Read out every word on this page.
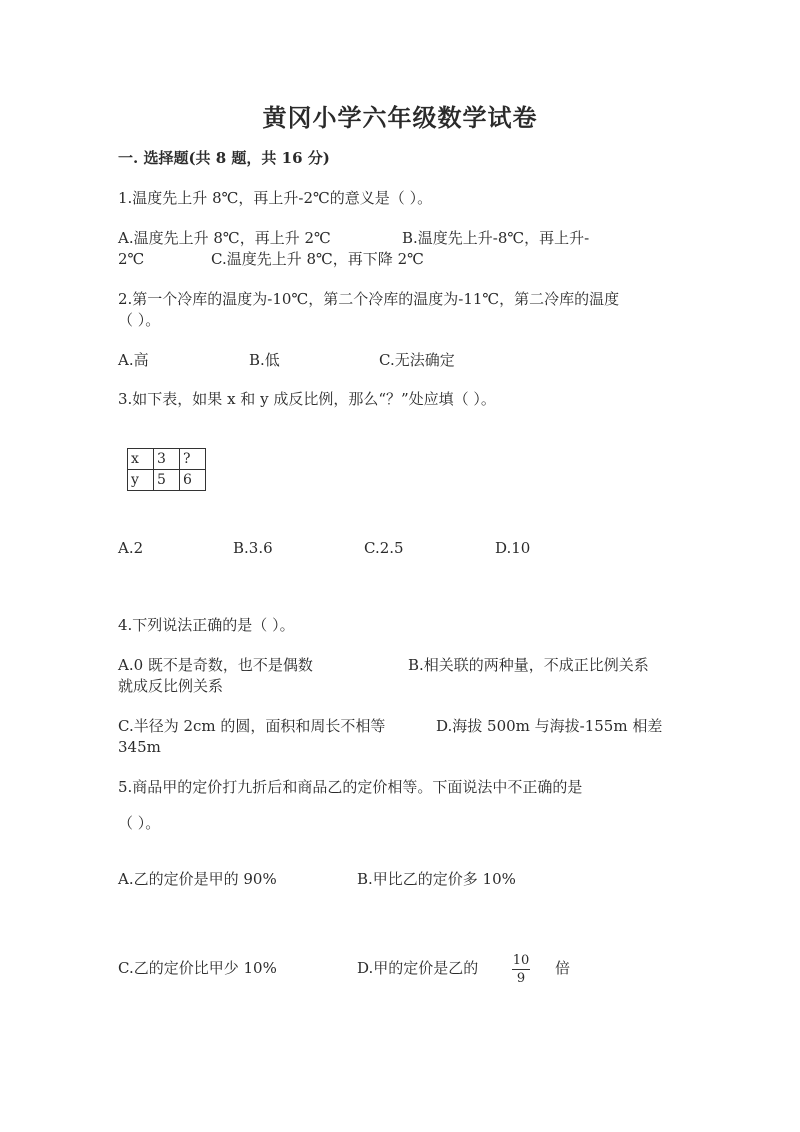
黄冈小学六年级数学试卷
一. 选择题(共 8 题，共 16 分)
1.温度先上升 8℃，再上升-2℃的意义是（ ）。
A.温度先上升 8℃，再上升 2℃	B.温度先上升-8℃，再上升-
2℃	C.温度先上升 8℃，再下降 2℃
2.第一个冷库的温度为-10℃，第二个冷库的温度为-11℃，第二冷库的温度
（ ）。
A.高	B.低	C.无法确定
3.如下表，如果 x 和 y 成反比例，那么“？”处应填（ ）。
x	3	?
y	5	6
A.2	B.3.6	C.2.5	D.10
4.下列说法正确的是（ ）。
A.0 既不是奇数，也不是偶数	B.相关联的两种量，不成正比例关系
就成反比例关系
C.半径为 2cm 的圆，面积和周长不相等	D.海拔 500m 与海拔-155m 相差
345m
5.商品甲的定价打九折后和商品乙的定价相等。下面说法中不正确的是
（ ）。
A.乙的定价是甲的 90%	B.甲比乙的定价多 10%
C.乙的定价比甲少 10%	D.甲的定价是乙的	10
9
倍
